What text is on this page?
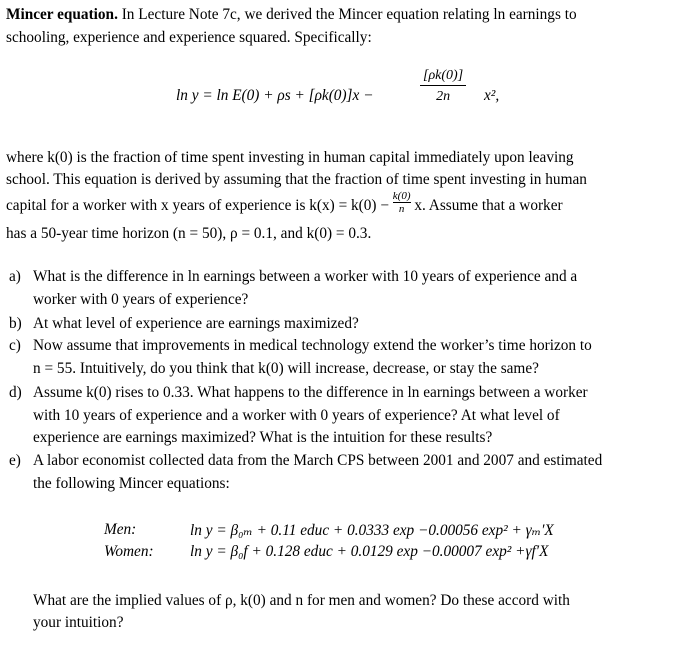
Mincer equation. In Lecture Note 7c, we derived the Mincer equation relating ln earnings to
schooling, experience and experience squared. Specifically:
ln y = ln E(0) + ρs + [ρk(0)]x −	$\frac{[\rho k(0)]}{2n} x^2$,
where k(0) is the fraction of time spent investing in human capital immediately upon leaving
school. This equation is derived by assuming that the fraction of time spent investing in human
capital for a worker with x years of experience is $k(x) = k(0) - \frac{k(0)}{n} x$. Assume that a worker
has a 50-year time horizon (n = 50), ρ = 0.1, and k(0) = 0.3.
a) What is the difference in ln earnings between a worker with 10 years of experience and a
worker with 0 years of experience?
b) At what level of experience are earnings maximized?
c) Now assume that improvements in medical technology extend the worker’s time horizon to
n = 55. Intuitively, do you think that k(0) will increase, decrease, or stay the same?
d) Assume k(0) rises to 0.33. What happens to the difference in ln earnings between a worker
with 10 years of experience and a worker with 0 years of experience? At what level of
experience are earnings maximized? What is the intuition for these results?
e) A labor economist collected data from the March CPS between 2001 and 2007 and estimated
the following Mincer equations:
Men:	ln y = β₀ₘ + 0.11 educ + 0.0333 exp −0.00056 exp² + γₘ′X
Women: ln y = β₀f + 0.128 educ + 0.0129 exp −0.00007 exp² +γf′X
What are the implied values of ρ, k(0) and n for men and women? Do these accord with
your intuition?
